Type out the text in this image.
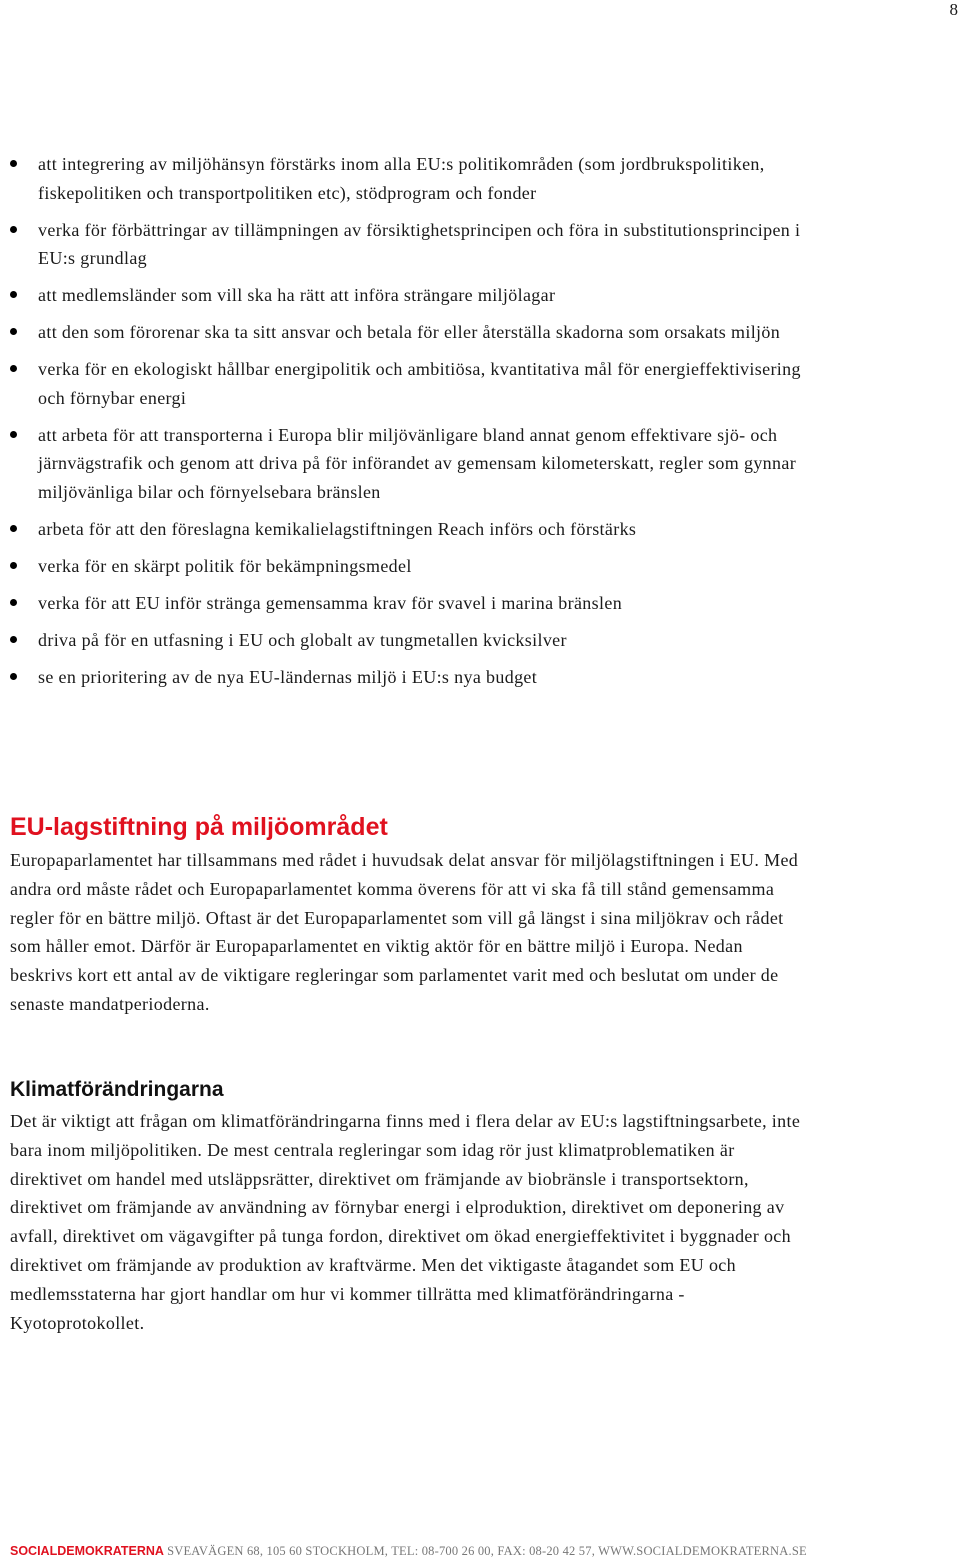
8
att integrering av miljöhänsyn förstärks inom alla EU:s politikområden (som jordbrukspolitiken, fiskepolitiken och transportpolitiken etc), stödprogram och fonder
verka för förbättringar av tillämpningen av försiktighetsprincipen och föra in substitutionsprincipen i EU:s grundlag
att medlemsländer som vill ska ha rätt att införa strängare miljölagar
att den som förorenar ska ta sitt ansvar och betala för eller återställa skadorna som orsakats miljön
verka för en ekologiskt hållbar energipolitik och ambitiösa, kvantitativa mål för energieffektivisering och förnybar energi
att arbeta för att transporterna i Europa blir miljövänligare bland annat genom effektivare sjö- och järnvägstrafik och genom att driva på för införandet av gemensam kilometerskatt, regler som gynnar miljövänliga bilar och förnyelsebara bränslen
arbeta för att den föreslagna kemikalielagstiftningen Reach införs och förstärks
verka för en skärpt politik för bekämpningsmedel
verka för att EU inför stränga gemensamma krav för svavel i marina bränslen
driva på för en utfasning i EU och globalt av tungmetallen kvicksilver
se en prioritering av de nya EU-ländernas miljö i EU:s nya budget
EU-lagstiftning på miljöområdet

Europaparlamentet har tillsammans med rådet i huvudsak delat ansvar för miljölagstiftningen i EU. Med andra ord måste rådet och Europaparlamentet komma överens för att vi ska få till stånd gemensamma regler för en bättre miljö. Oftast är det Europaparlamentet som vill gå längst i sina miljökrav och rådet som håller emot. Därför är Europaparlamentet en viktig aktör för en bättre miljö i Europa. Nedan beskrivs kort ett antal av de viktigare regleringar som parlamentet varit med och beslutat om under de senaste mandatperioderna.

Klimatförändringarna

Det är viktigt att frågan om klimatförändringarna finns med i flera delar av EU:s lagstiftningsarbete, inte bara inom miljöpolitiken. De mest centrala regleringar som idag rör just klimatproblematiken är direktivet om handel med utsläppsrätter, direktivet om främjande av biobränsle i transportsektorn, direktivet om främjande av användning av förnybar energi i elproduktion, direktivet om deponering av avfall, direktivet om vägavgifter på tunga fordon, direktivet om ökad energieffektivitet i byggnader och direktivet om främjande av produktion av kraftvärme. Men det viktigaste åtagandet som EU och medlemsstaterna har gjort handlar om hur vi kommer tillrätta med klimatförändringarna - Kyotoprotokollet.

SOCIALDEMOKRATERNA SVEAVÄGEN 68, 105 60 STOCKHOLM, TEL: 08-700 26 00, FAX: 08-20 42 57, WWW.SOCIALDEMOKRATERNA.SE
